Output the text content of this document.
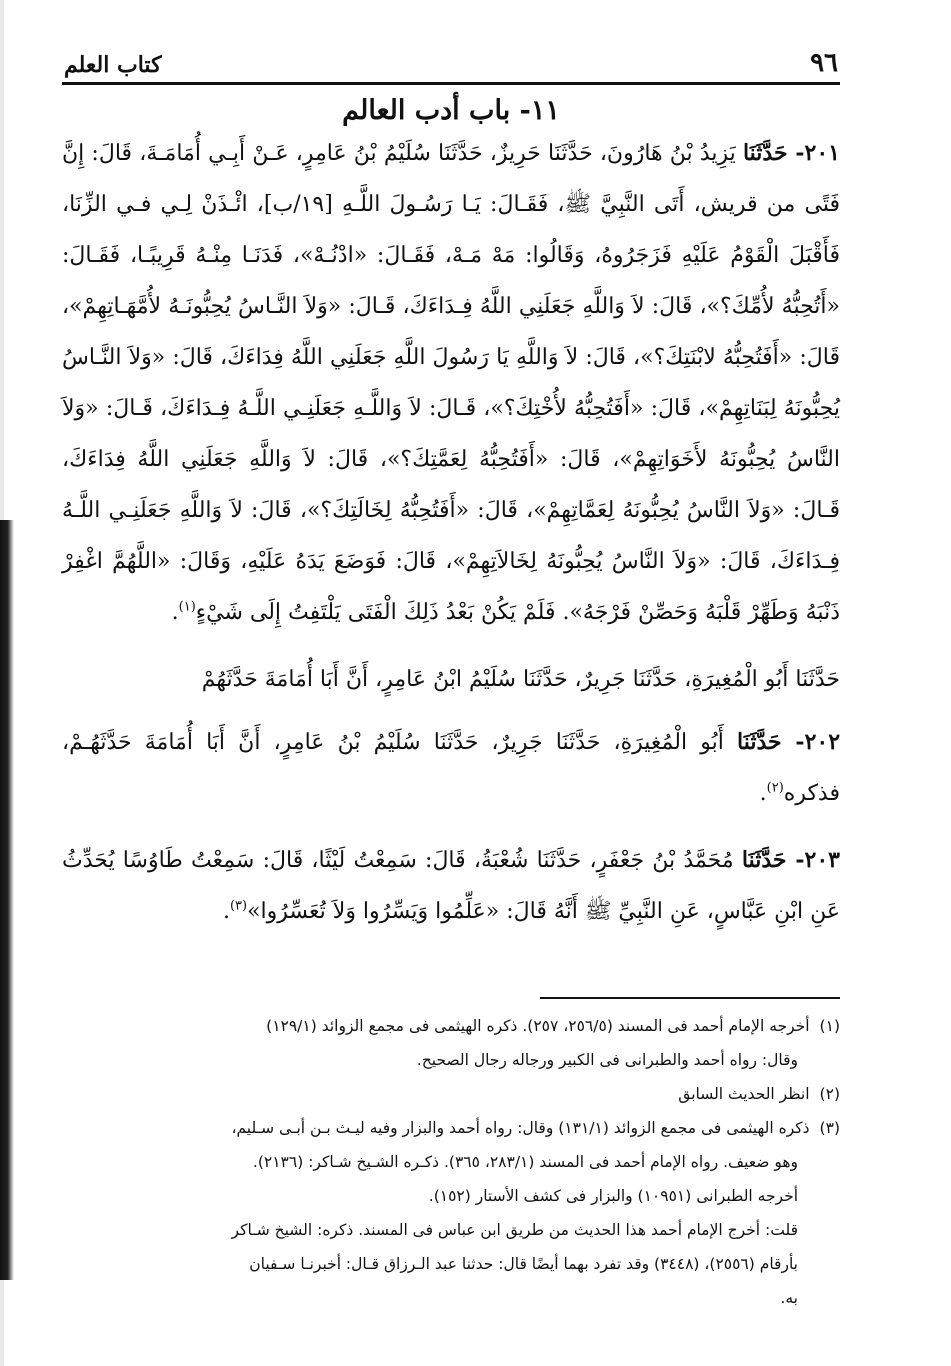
٩٦
كتاب العلم
١١- باب أدب العالم

٢٠١- حَدَّثَنَا يَزِيدُ بْنُ هَارُونَ، حَدَّثَنَا حَرِيزٌ، حَدَّثَنَا سُلَيْمُ بْنُ عَامِرٍ، عَـنْ أَبِـي أُمَامَـةَ، قَالَ: إِنَّ فَتًى من قريش، أَتَى النَّبِيَّ ﷺ، فَقَـالَ: يَـا رَسُـولَ اللَّـهِ [١٩/ب]، ائْـذَنْ لِـي فـي الزِّنَا، فَأَقْبَلَ الْقَوْمُ عَلَيْهِ فَزَجَرُوهُ، وَقَالُوا: مَهْ مَـهْ، فَقَـالَ: «ادْنُـهْ»، فَدَنَـا مِنْـهُ قَرِيبًـا، فَقَـالَ: «أَتُحِبُّهُ لأُمِّكَ؟»، قَالَ: لاَ وَاللَّهِ جَعَلَنِي اللَّهُ فِـدَاءَكَ، قَـالَ: «وَلاَ النَّـاسُ يُحِبُّونَـهُ لأُمَّهَـاتِهِمْ»، قَالَ: «أَفَتُحِبُّهُ لابْنَتِكَ؟»، قَالَ: لاَ وَاللَّهِ يَا رَسُولَ اللَّهِ جَعَلَنِي اللَّهُ فِدَاءَكَ، قَالَ: «وَلاَ النَّـاسُ يُحِبُّونَهُ لِبَنَاتِهِمْ»، قَالَ: «أَفَتُحِبُّهُ لأُخْتِكَ؟»، قَـالَ: لاَ وَاللَّـهِ جَعَلَنِـي اللَّـهُ فِـدَاءَكَ، قَـالَ: «وَلاَ النَّاسُ يُحِبُّونَهُ لأَخَوَاتِهِمْ»، قَالَ: «أَفَتُحِبُّهُ لِعَمَّتِكَ؟»، قَالَ: لاَ وَاللَّهِ جَعَلَنِي اللَّهُ فِدَاءَكَ، قَـالَ: «وَلاَ النَّاسُ يُحِبُّونَهُ لِعَمَّاتِهِمْ»، قَالَ: «أَفَتُحِبُّهُ لِخَالَتِكَ؟»، قَالَ: لاَ وَاللَّهِ جَعَلَنِـي اللَّـهُ فِـدَاءَكَ، قَالَ: «وَلاَ النَّاسُ يُحِبُّونَهُ لِخَالاَتِهِمْ»، قَالَ: فَوَضَعَ يَدَهُ عَلَيْهِ، وَقَالَ: «اللَّهُمَّ اغْفِرْ ذَنْبَهُ وَطَهِّرْ قَلْبَهُ وَحَصِّنْ فَرْجَهُ». فَلَمْ يَكُنْ بَعْدُ ذَلِكَ الْفَتَى يَلْتَفِتُ إِلَى شَيْءٍ$^{(١)}$.

حَدَّثَنَا أَبُو الْمُغِيرَةِ، حَدَّثَنَا جَرِيرٌ، حَدَّثَنَا سُلَيْمُ ابْنُ عَامِرٍ، أَنَّ أَبَا أُمَامَةَ حَدَّثَهُمْ

٢٠٢- حَدَّثَنَا أَبُو الْمُغِيرَةِ، حَدَّثَنَا جَرِيرٌ، حَدَّثَنَا سُلَيْمُ بْنُ عَامِرٍ، أَنَّ أَبَا أُمَامَةَ حَدَّثَهُـمْ، فذكره$^{(٢)}$.

٢٠٣- حَدَّثَنَا مُحَمَّدُ بْنُ جَعْفَرٍ، حَدَّثَنَا شُعْبَةُ، قَالَ: سَمِعْتُ لَيْثًا، قَالَ: سَمِعْتُ طَاوُسًا يُحَدِّثُ عَنِ ابْنِ عَبَّاسٍ، عَنِ النَّبِيِّ ﷺ أَنَّهُ قَالَ: «عَلِّمُوا وَيَسِّرُوا وَلاَ تُعَسِّرُوا»$^{(٣)}$.

(١)أخرجه الإمام أحمد فى المسند (٢٥٦/٥، ٢٥٧). ذكره الهيثمى فى مجمع الزوائد (١٢٩/١)

وقال: رواه أحمد والطبرانى فى الكبير ورجاله رجال الصحيح.

(٢)انظر الحديث السابق

(٣)ذكره الهيثمى فى مجمع الزوائد (١٣١/١) وقال: رواه أحمد والبزار وفيه ليـث بـن أبـى سـليم،

وهو ضعيف. رواه الإمام أحمد فى المسند (٢٨٣/١، ٣٦٥). ذكـره الشـيخ شـاكر: (٢١٣٦).

أخرجه الطبرانى (١٠٩٥١) والبزار فى كشف الأستار (١٥٢).

قلت: أخرج الإمام أحمد هذا الحديث من طريق ابن عباس فى المسند. ذكره: الشيخ شـاكر

بأرقام (٢٥٥٦)، (٣٤٤٨) وقد تفرد بهما أيضًا قال: حدثنا عبد الـرزاق قـال: أخبرنـا سـفيان

به.
